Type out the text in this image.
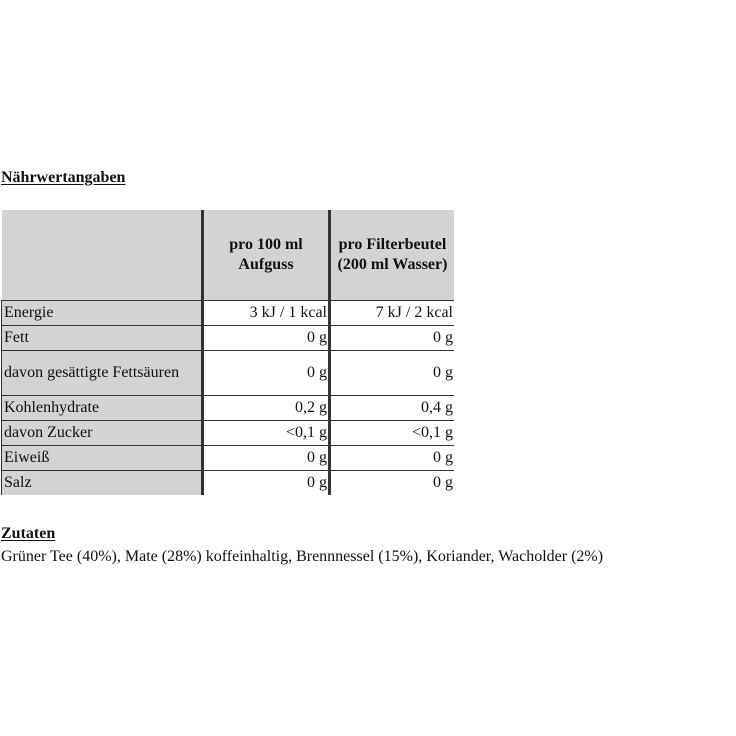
Nährwertangaben
	pro 100 ml Aufguss	pro Filterbeutel (200 ml Wasser)
Energie	3 kJ / 1 kcal	7 kJ / 2 kcal
Fett	0 g	0 g
davon gesättigte Fettsäuren	0 g	0 g
Kohlenhydrate	0,2 g	0,4 g
davon Zucker	<0,1 g	<0,1 g
Eiweiß	0 g	0 g
Salz	0 g	0 g
Zutaten

Grüner Tee (40%), Mate (28%) koffeinhaltig, Brennnessel (15%), Koriander, Wacholder (2%)
